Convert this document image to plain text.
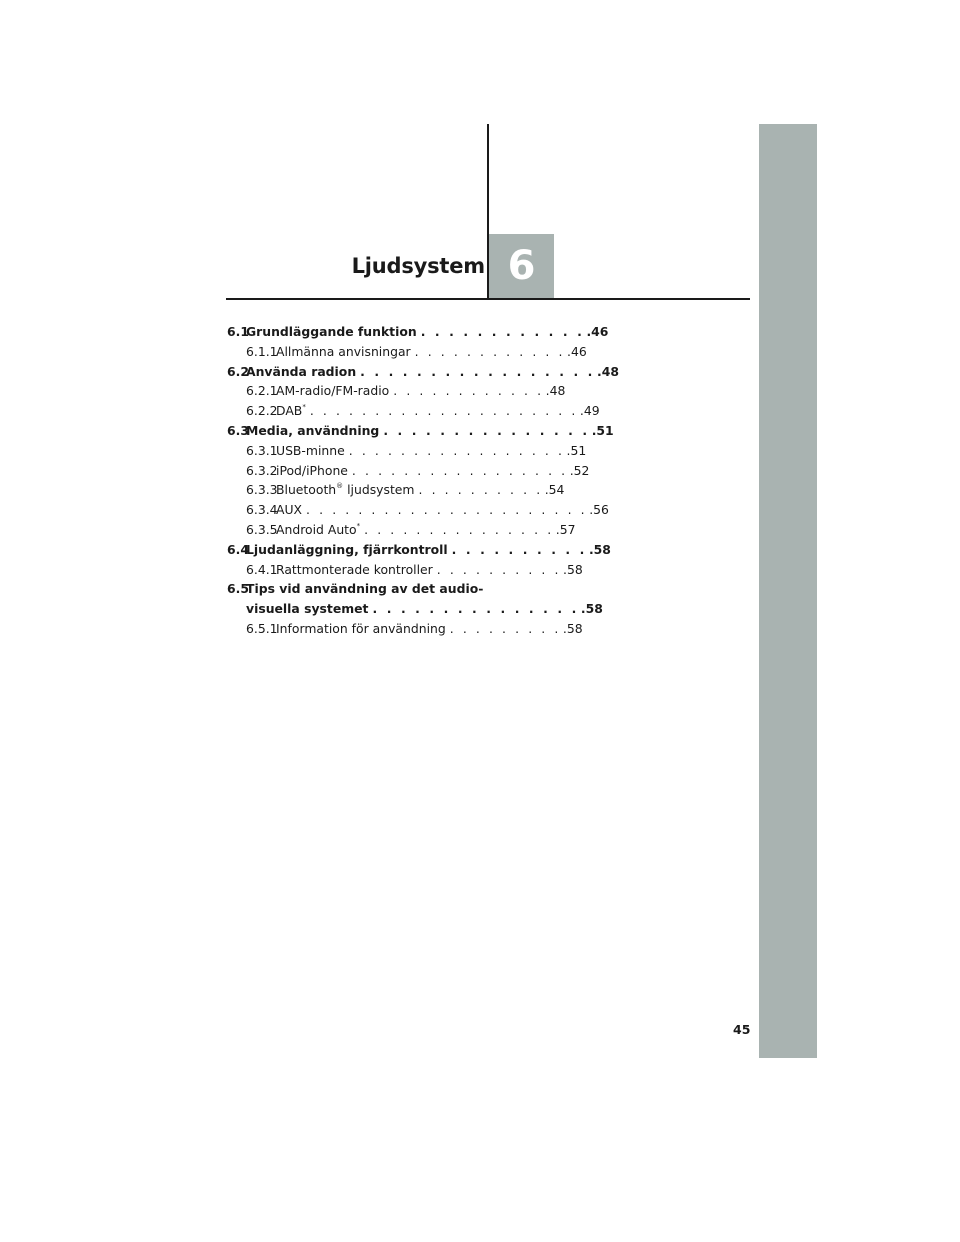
Ljudsystem 6
6.1
Grundläggande funktion . . . . . . . . . . . . .46
6.1.1
Allmänna anvisningar . . . . . . . . . . . . .46
6.2
Använda radion . . . . . . . . . . . . . . . . . .48
6.2.1
AM-radio/FM-radio . . . . . . . . . . . . .48
6.2.2
DAB* . . . . . . . . . . . . . . . . . . . . . .49
6.3
Media, användning . . . . . . . . . . . . . . . .51
6.3.1
USB-minne . . . . . . . . . . . . . . . . . .51
6.3.2
iPod/iPhone . . . . . . . . . . . . . . . . . .52
6.3.3
Bluetooth® ljudsystem . . . . . . . . . . .54
6.3.4
AUX . . . . . . . . . . . . . . . . . . . . . . .56
6.3.5
Android Auto* . . . . . . . . . . . . . . . .57
6.4
Ljudanläggning, fjärrkontroll . . . . . . . . . . .58
6.4.1
Rattmonterade kontroller . . . . . . . . . . .58
6.5
Tips vid användning av det audio-
visuella systemet . . . . . . . . . . . . . . . .58
6.5.1
Information för användning . . . . . . . . . .58
45
